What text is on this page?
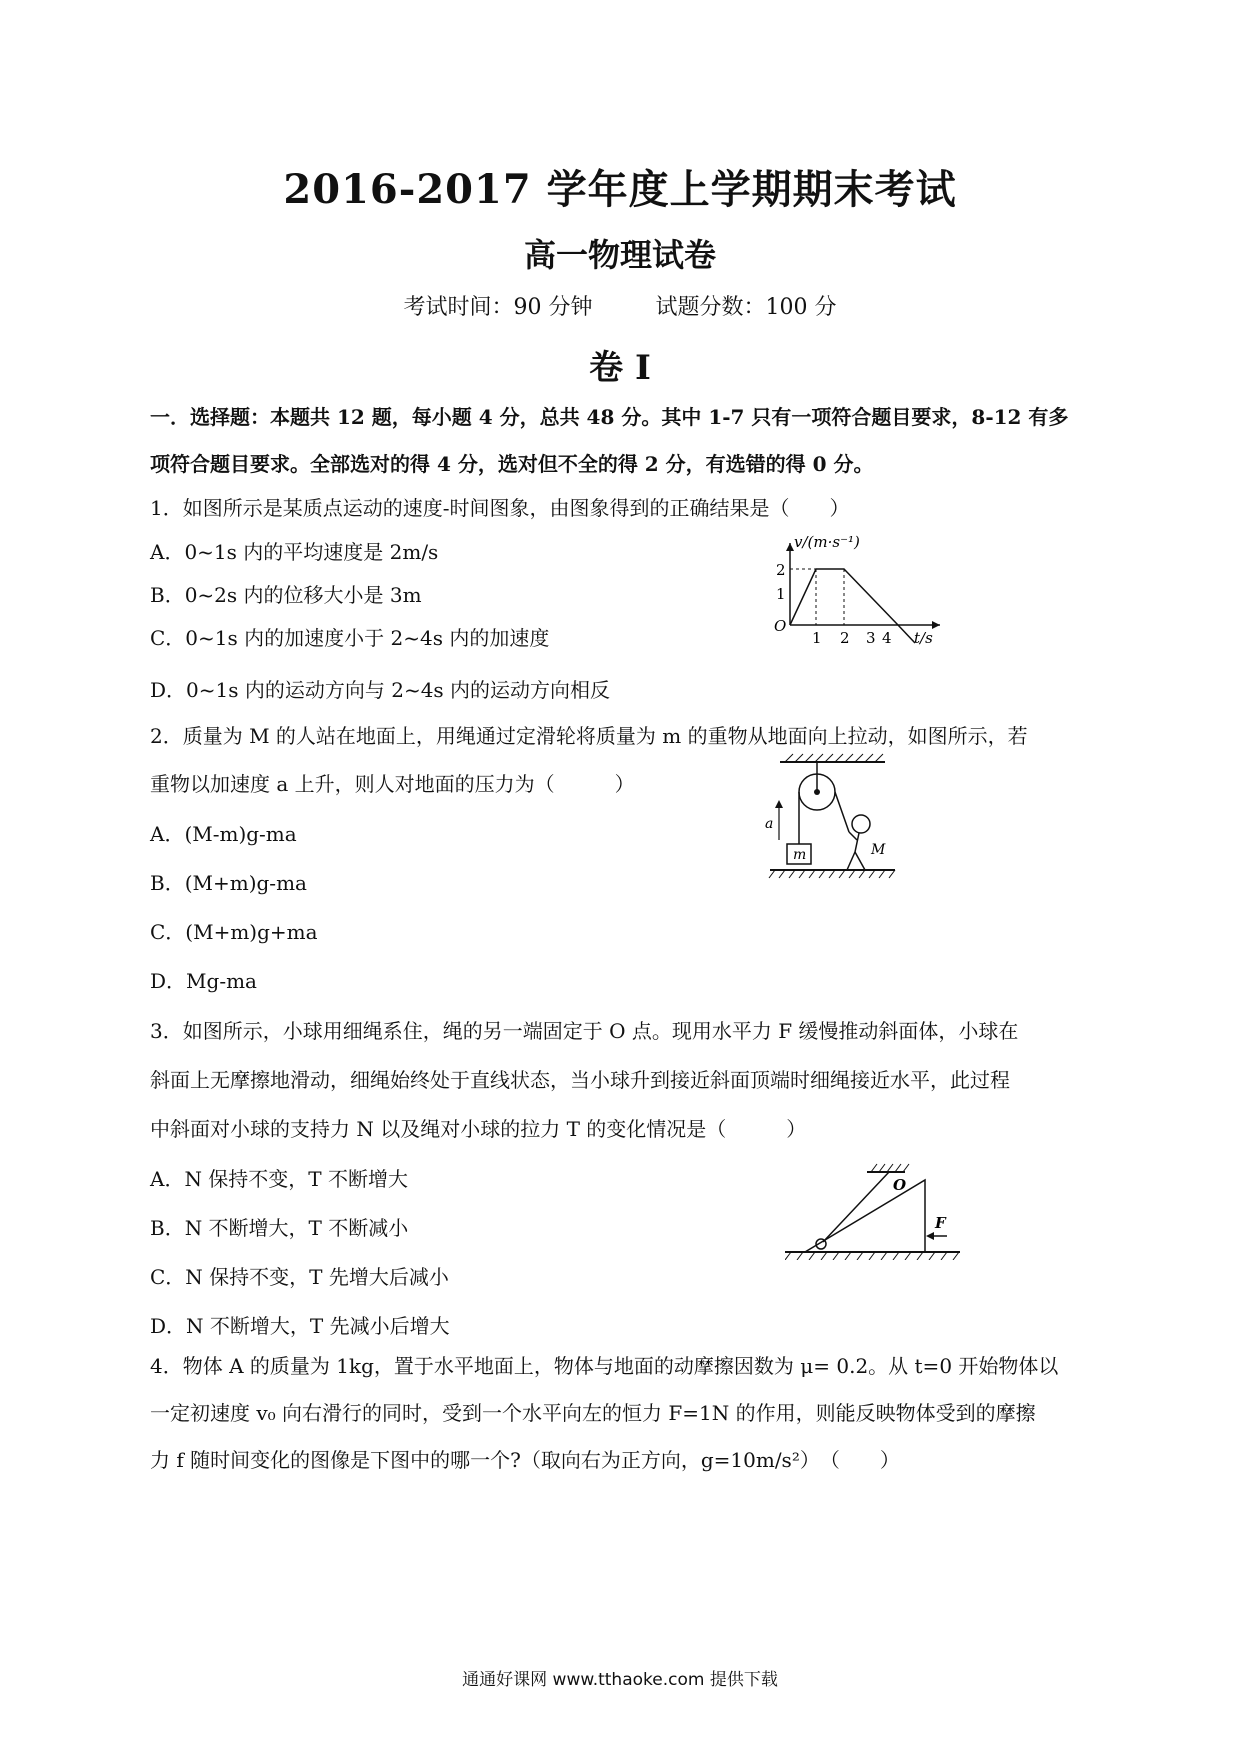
2016-2017 学年度上学期期末考试
高一物理试卷
考试时间：90 分钟	试题分数：100 分
卷 I
一．选择题：本题共 12 题，每小题 4 分，总共 48 分。其中 1-7 只有一项符合题目要求，8-12 有多
项符合题目要求。全部选对的得 4 分，选对但不全的得 2 分，有选错的得 0 分。
1．如图所示是某质点运动的速度-时间图象，由图象得到的正确结果是（　　）
A．0~1s 内的平均速度是 2m/s
B．0~2s 内的位移大小是 3m
C．0~1s 内的加速度小于 2~4s 内的加速度
D．0~1s 内的运动方向与 2~4s 内的运动方向相反
v/(m·s⁻¹)
2
1
O
1 2 3 4 t/s
2．质量为 M 的人站在地面上，用绳通过定滑轮将质量为 m 的重物从地面向上拉动，如图所示，若
重物以加速度 a 上升，则人对地面的压力为（　　　）
A．(M-m)g-ma
B．(M+m)g-ma
C．(M+m)g+ma
D．Mg-ma
m
a
M
3．如图所示，小球用细绳系住，绳的另一端固定于 O 点。现用水平力 F 缓慢推动斜面体，小球在
斜面上无摩擦地滑动，细绳始终处于直线状态，当小球升到接近斜面顶端时细绳接近水平，此过程
中斜面对小球的支持力 N 以及绳对小球的拉力 T 的变化情况是（　　　）
A．N 保持不变，T 不断增大
B．N 不断增大，T 不断减小
C．N 保持不变，T 先增大后减小
D．N 不断增大，T 先减小后增大
O
F
4．物体 A 的质量为 1kg，置于水平地面上，物体与地面的动摩擦因数为 μ= 0.2。从 t=0 开始物体以
一定初速度 v₀ 向右滑行的同时，受到一个水平向左的恒力 F=1N 的作用，则能反映物体受到的摩擦
力 f 随时间变化的图像是下图中的哪一个?（取向右为正方向，g=10m/s²）　（　　）
通通好课网 www.tthaoke.com 提供下载
